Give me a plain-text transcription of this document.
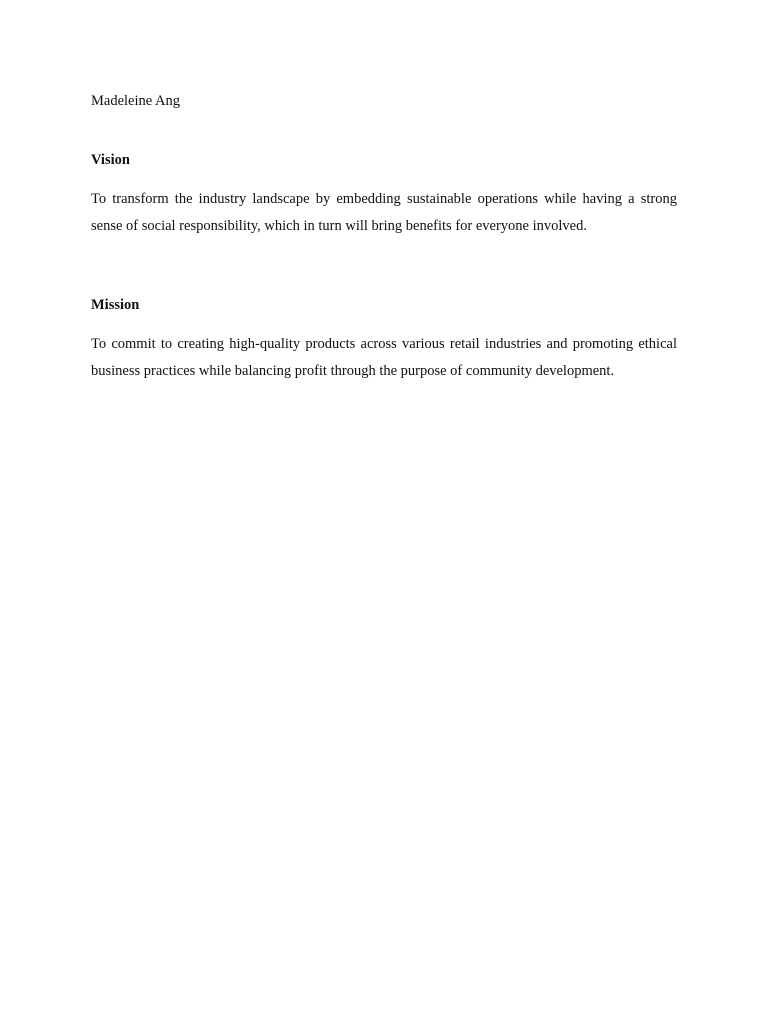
Madeleine Ang

Vision

To transform the industry landscape by embedding sustainable operations while having a strong sense of social responsibility, which in turn will bring benefits for everyone involved.

Mission

To commit to creating high-quality products across various retail industries and promoting ethical business practices while balancing profit through the purpose of community development.
